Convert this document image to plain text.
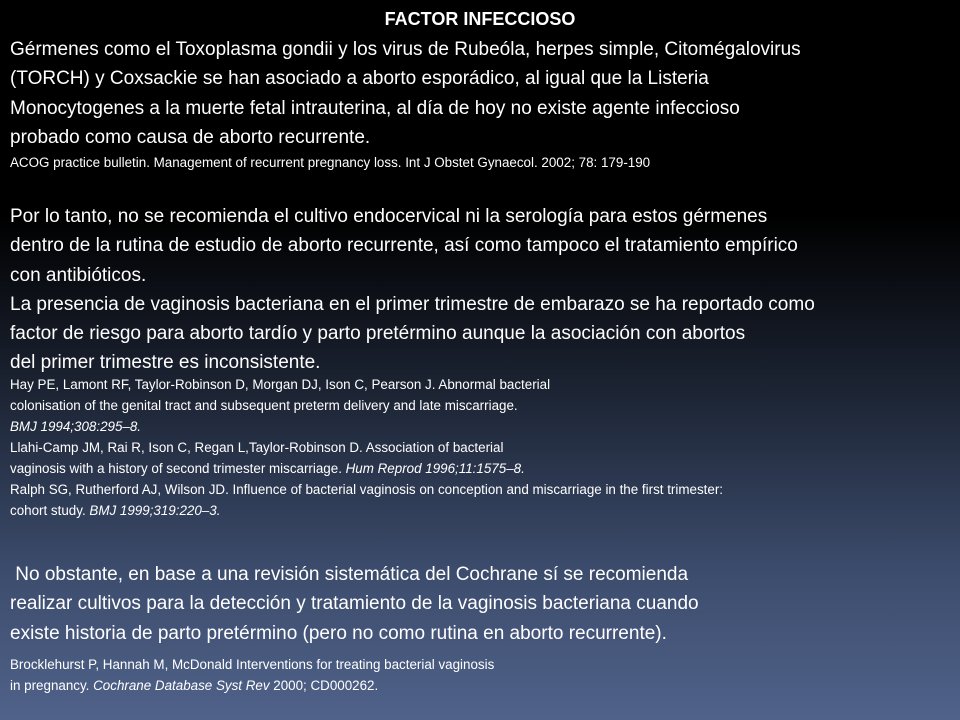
FACTOR INFECCIOSO
Gérmenes como el Toxoplasma gondii y los virus de Rubeóla, herpes simple, Citomégalovirus
(TORCH) y Coxsackie se han asociado a aborto esporádico, al igual que la Listeria
Monocytogenes a la muerte fetal intrauterina, al día de hoy no existe agente infeccioso
probado como causa de aborto recurrente.
ACOG practice bulletin. Management of recurrent pregnancy loss. Int J Obstet Gynaecol. 2002; 78: 179-190
Por lo tanto, no se recomienda el cultivo endocervical ni la serología para estos gérmenes
dentro de la rutina de estudio de aborto recurrente, así como tampoco el tratamiento empírico
con antibióticos.
La presencia de vaginosis bacteriana en el primer trimestre de embarazo se ha reportado como
factor de riesgo para aborto tardío y parto pretérmino aunque la asociación con abortos
del primer trimestre es inconsistente.
Hay PE, Lamont RF, Taylor-Robinson D, Morgan DJ, Ison C, Pearson J. Abnormal bacterial
colonisation of the genital tract and subsequent preterm delivery and late miscarriage.
BMJ 1994;308:295–8.
Llahi-Camp JM, Rai R, Ison C, Regan L,Taylor-Robinson D. Association of bacterial
vaginosis with a history of second trimester miscarriage. Hum Reprod 1996;11:1575–8.
Ralph SG, Rutherford AJ, Wilson JD. Influence of bacterial vaginosis on conception and miscarriage in the first trimester:
cohort study. BMJ 1999;319:220–3.
No obstante, en base a una revisión sistemática del Cochrane sí se recomienda
realizar cultivos para la detección y tratamiento de la vaginosis bacteriana cuando
existe historia de parto pretérmino (pero no como rutina en aborto recurrente).
Brocklehurst P, Hannah M, McDonald Interventions for treating bacterial vaginosis
in pregnancy. Cochrane Database Syst Rev 2000; CD000262.
